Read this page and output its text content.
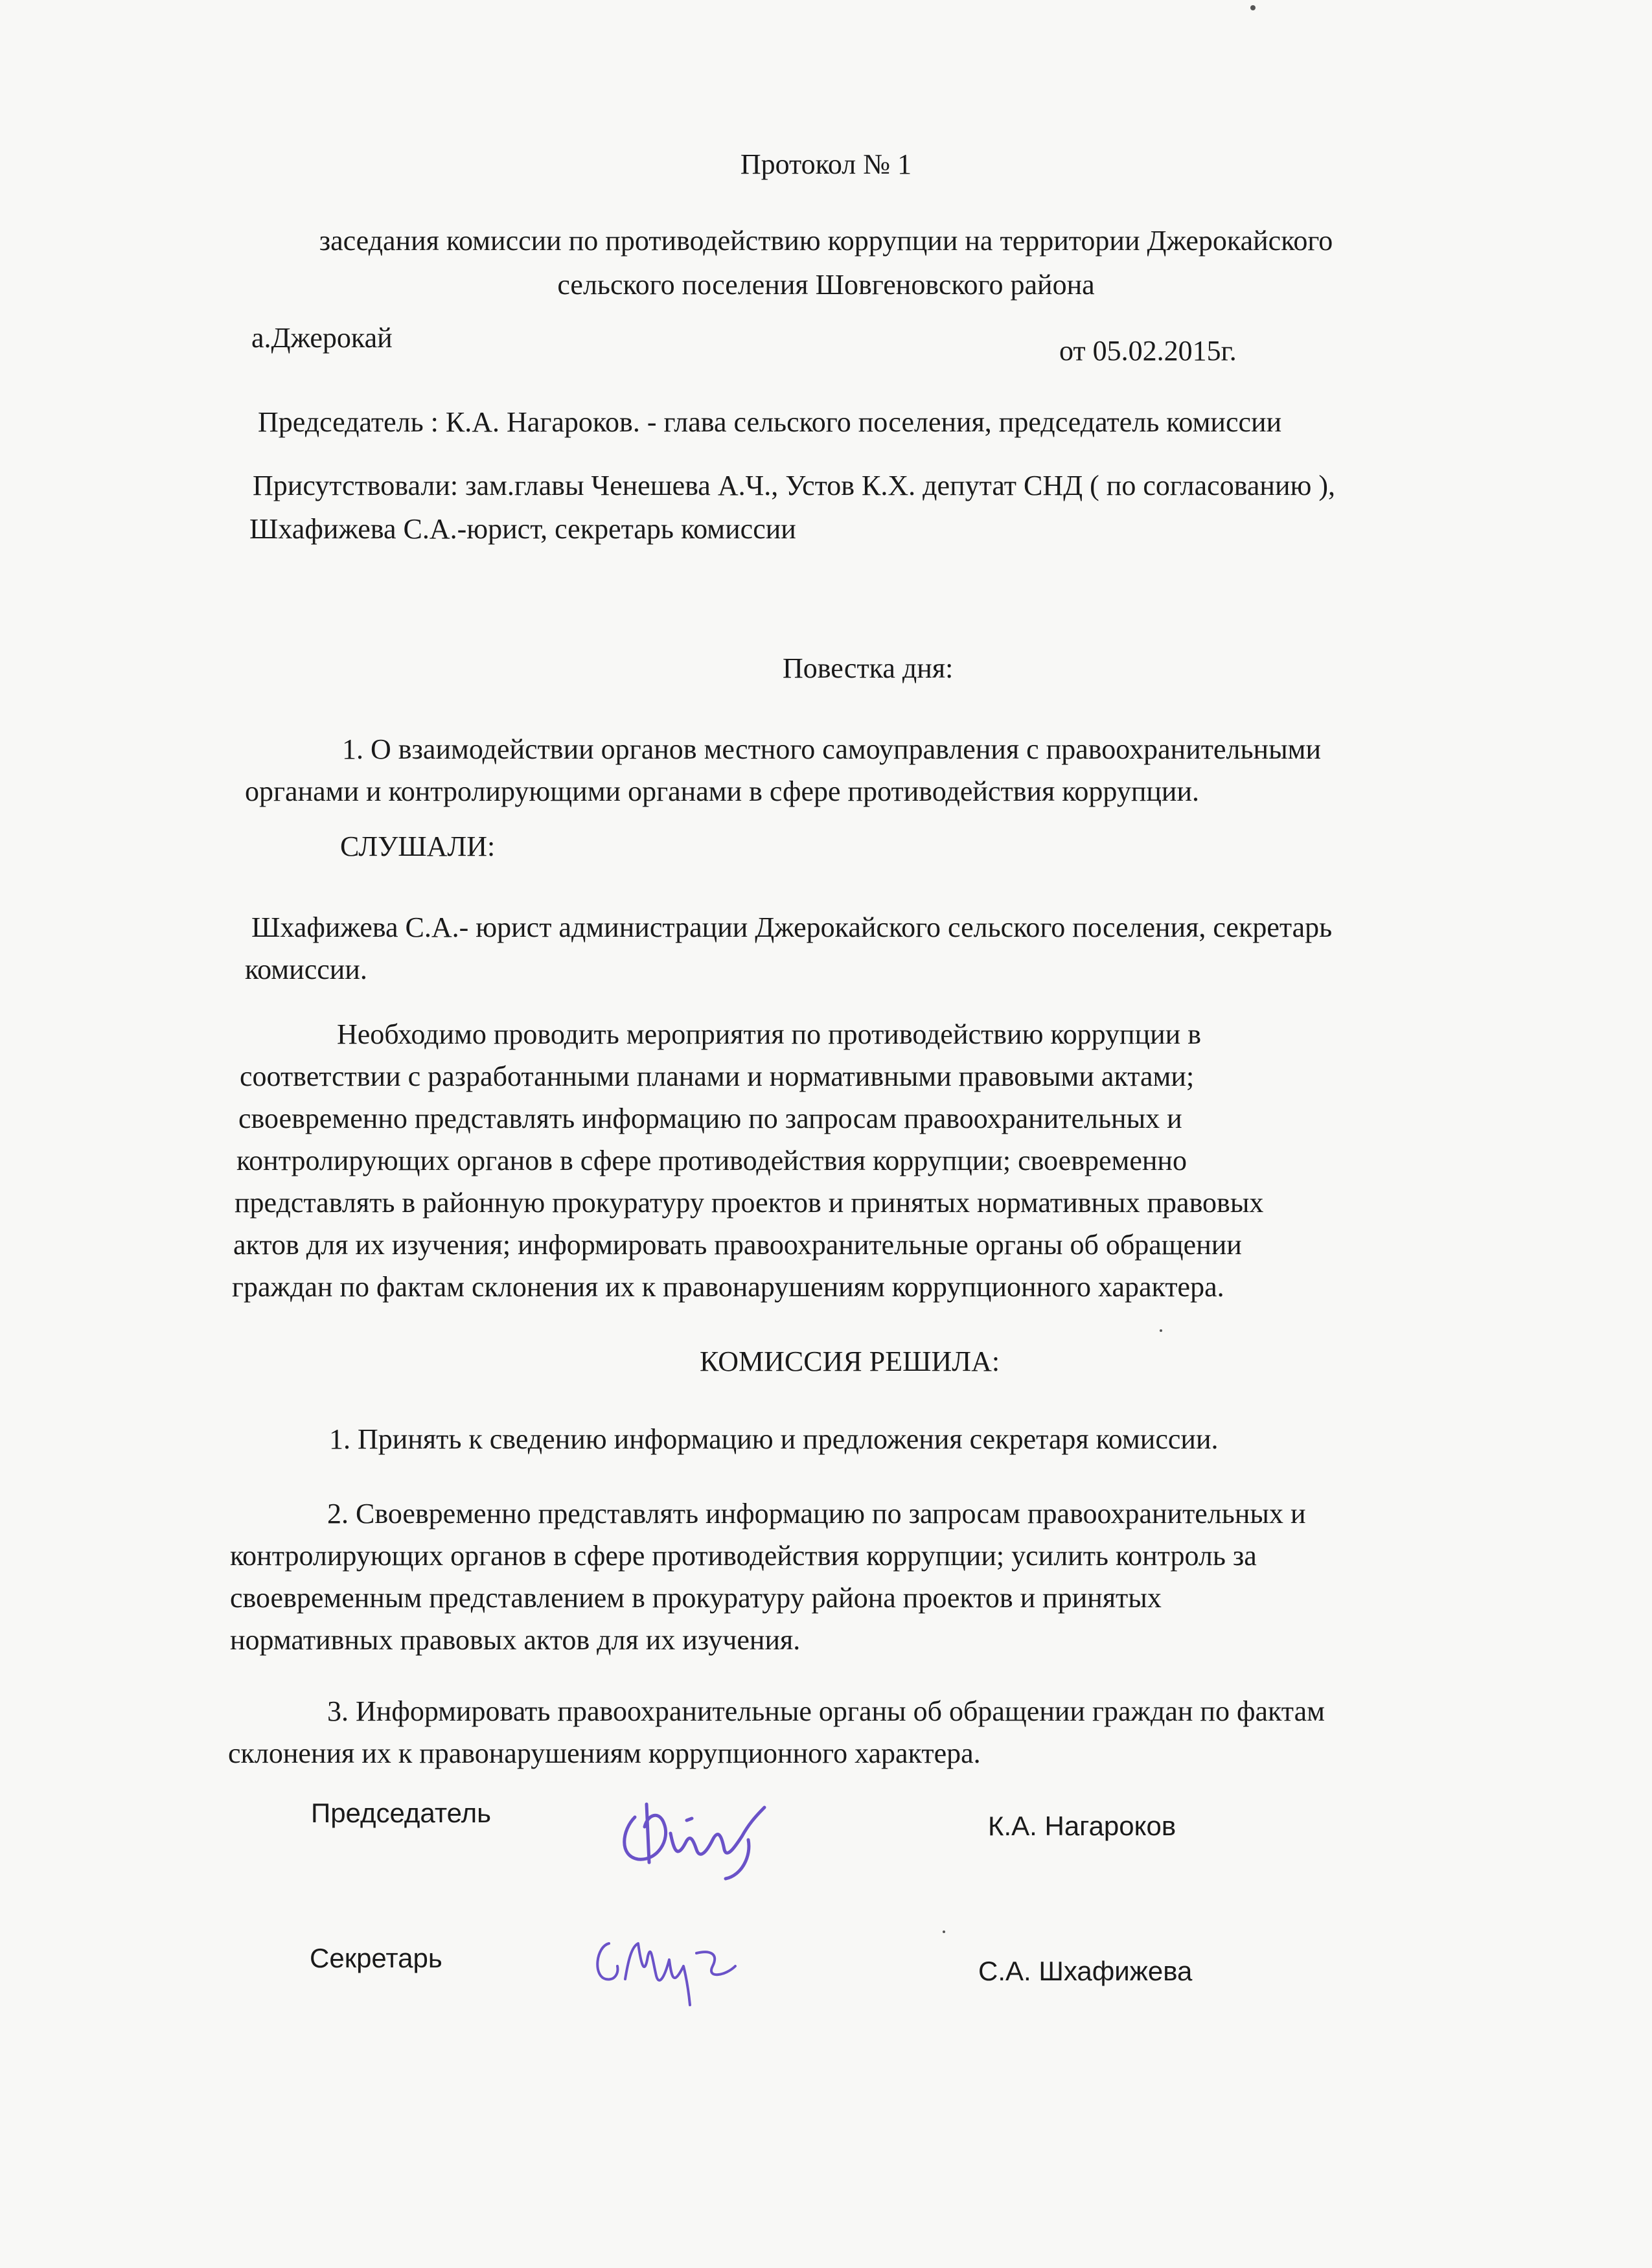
Протокол № 1
заседания комиссии по противодействию коррупции на территории Джерокайского
сельского поселения Шовгеновского района
а.Джерокай	от 05.02.2015г.
Председатель : К.А. Нагароков. - глава сельского поселения, председатель комиссии
Присутствовали: зам.главы Ченешева А.Ч., Устов К.Х. депутат СНД ( по согласованию ),
Шхафижева С.А.-юрист, секретарь комиссии
Повестка дня:
1. О взаимодействии органов местного самоуправления с правоохранительными
органами и контролирующими органами в сфере противодействия коррупции.
СЛУШАЛИ:
Шхафижева С.А.- юрист администрации Джерокайского сельского поселения, секретарь
комиссии.
Необходимо проводить мероприятия по противодействию коррупции в
соответствии с разработанными планами и нормативными правовыми актами;
своевременно представлять информацию по запросам правоохранительных и
контролирующих органов в сфере противодействия коррупции; своевременно
представлять в районную прокуратуру проектов и принятых нормативных правовых
актов для их изучения; информировать правоохранительные органы об обращении
граждан по фактам склонения их к правонарушениям коррупционного характера.
КОМИССИЯ РЕШИЛА:
1. Принять к сведению информацию и предложения секретаря комиссии.
2. Своевременно представлять информацию по запросам правоохранительных и
контролирующих органов в сфере противодействия коррупции; усилить контроль за
своевременным представлением в прокуратуру района проектов и принятых
нормативных правовых актов для их изучения.
3. Информировать правоохранительные органы об обращении граждан по фактам
склонения их к правонарушениям коррупционного характера.
Председатель	К.А. Нагароков
Секретарь	С.А. Шхафижева
